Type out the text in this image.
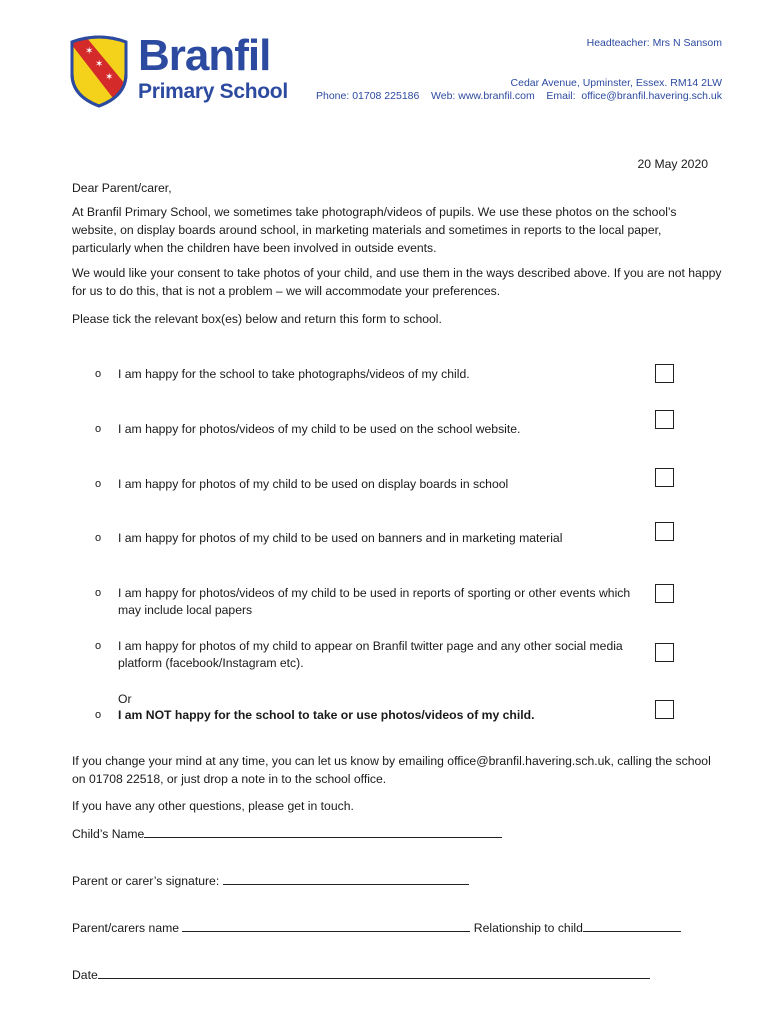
✶
✶
✶ Branfil
Primary School
Headteacher: Mrs N Sansom
Cedar Avenue, Upminster, Essex. RM14 2LW
Phone: 01708 225186    Web: www.branfil.com    Email:  office@branfil.havering.sch.uk
20 May 2020
Dear Parent/carer,
At Branfil Primary School, we sometimes take photograph/videos of pupils. We use these photos on the school’s website, on display boards around school, in marketing materials and sometimes in reports to the local paper, particularly when the children have been involved in outside events.
We would like your consent to take photos of your child, and use them in the ways described above. If you are not happy for us to do this, that is not a problem – we will accommodate your preferences.
Please tick the relevant box(es) below and return this form to school.
o I am happy for the school to take photographs/videos of my child.
o I am happy for photos/videos of my child to be used on the school website.
o I am happy for photos of my child to be used on display boards in school
o I am happy for photos of my child to be used on banners and in marketing material
o I am happy for photos/videos of my child to be used in reports of sporting or other events which may include local papers
o I am happy for photos of my child to appear on Branfil twitter page and any other social media platform (facebook/Instagram etc).
Or
o I am NOT happy for the school to take or use photos/videos of my child.
If you change your mind at any time, you can let us know by emailing office@branfil.havering.sch.uk, calling the school on 01708 22518, or just drop a note in to the school office.
If you have any other questions, please get in touch.
Child’s Name
Parent or carer’s signature:
Parent/carers name	Relationship to child
Date
